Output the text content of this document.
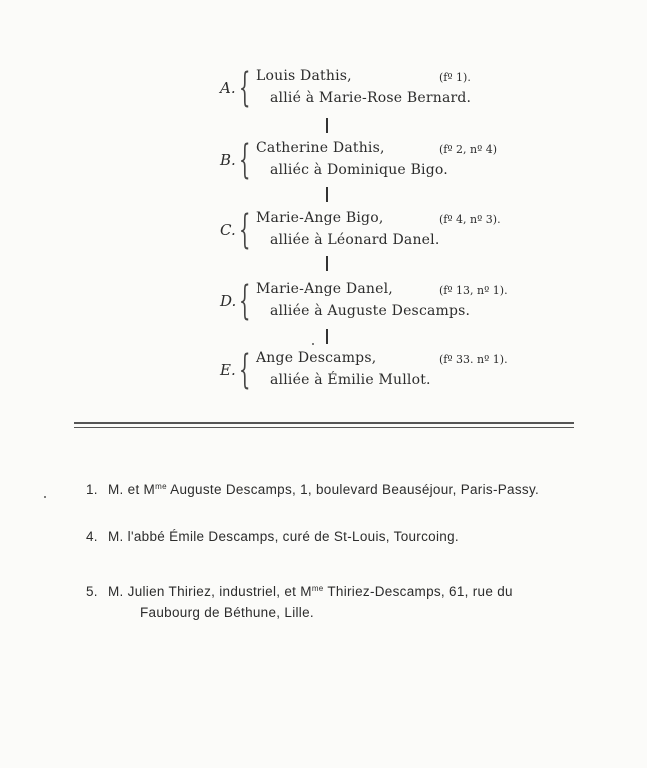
A. { Louis Dathis,	(fº 1).
allié à Marie-Rose Bernard.
B. { Catherine Dathis,	(fº 2, nº 4)
alliéc à Dominique Bigo.
C. { Marie-Ange Bigo,	(fº 4, nº 3).
alliée à Léonard Danel.
D. { Marie-Ange Danel,	(fº 13, nº 1).
alliée à Auguste Descamps.
E. { Ange Descamps,	(fº 33. nº 1).
alliée à Émilie Mullot.
1. M. et $M^{me}$ Auguste Descamps, 1, boulevard Beauséjour, Paris-Passy.
4. M. l'abbé Émile Descamps, curé de St-Louis, Tourcoing.
5. M. Julien Thiriez, industriel, et $M^{me}$ Thiriez-Descamps, 61, rue du
Faubourg de Béthune, Lille.
